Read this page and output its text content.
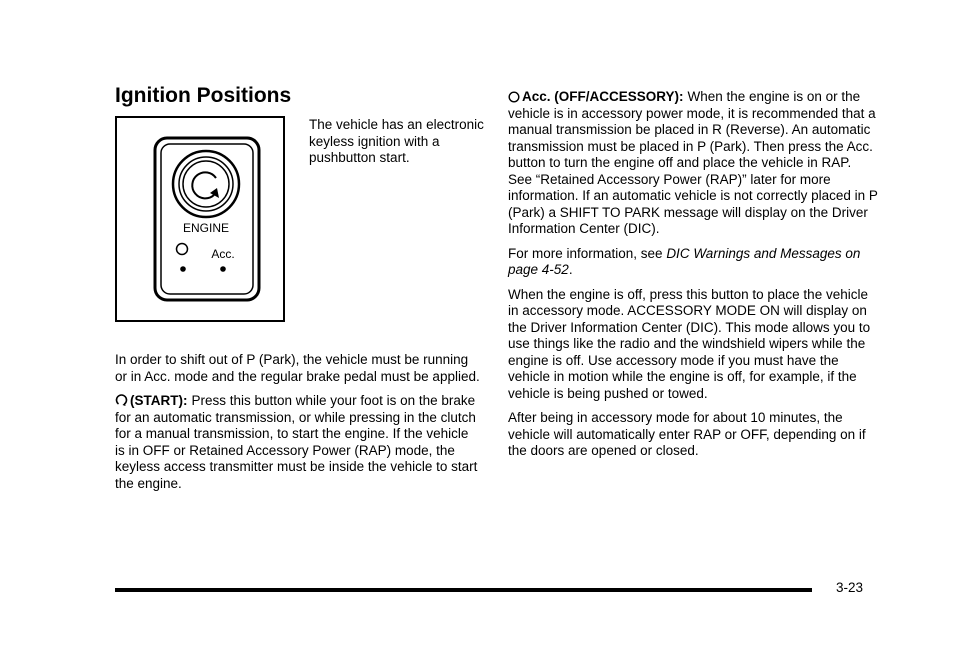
Ignition Positions
ENGINE
Acc.

The vehicle has an electronic keyless ignition with a pushbutton start.

In order to shift out of P (Park), the vehicle must be running or in Acc. mode and the regular brake pedal must be applied.

(START): Press this button while your foot is on the brake for an automatic transmission, or while pressing in the clutch for a manual transmission, to start the engine. If the vehicle is in OFF or Retained Accessory Power (RAP) mode, the keyless access transmitter must be inside the vehicle to start the engine.

Acc. (OFF/ACCESSORY): When the engine is on or the vehicle is in accessory power mode, it is recommended that a manual transmission be placed in R (Reverse). An automatic transmission must be placed in P (Park). Then press the Acc. button to turn the engine off and place the vehicle in RAP. See “Retained Accessory Power (RAP)” later for more information. If an automatic vehicle is not correctly placed in P (Park) a SHIFT TO PARK message will display on the Driver Information Center (DIC).

For more information, see DIC Warnings and Messages on page 4-52.

When the engine is off, press this button to place the vehicle in accessory mode. ACCESSORY MODE ON will display on the Driver Information Center (DIC). This mode allows you to use things like the radio and the windshield wipers while the engine is off. Use accessory mode if you must have the vehicle in motion while the engine is off, for example, if the vehicle is being pushed or towed.

After being in accessory mode for about 10 minutes, the vehicle will automatically enter RAP or OFF, depending on if the doors are opened or closed.

3-23
